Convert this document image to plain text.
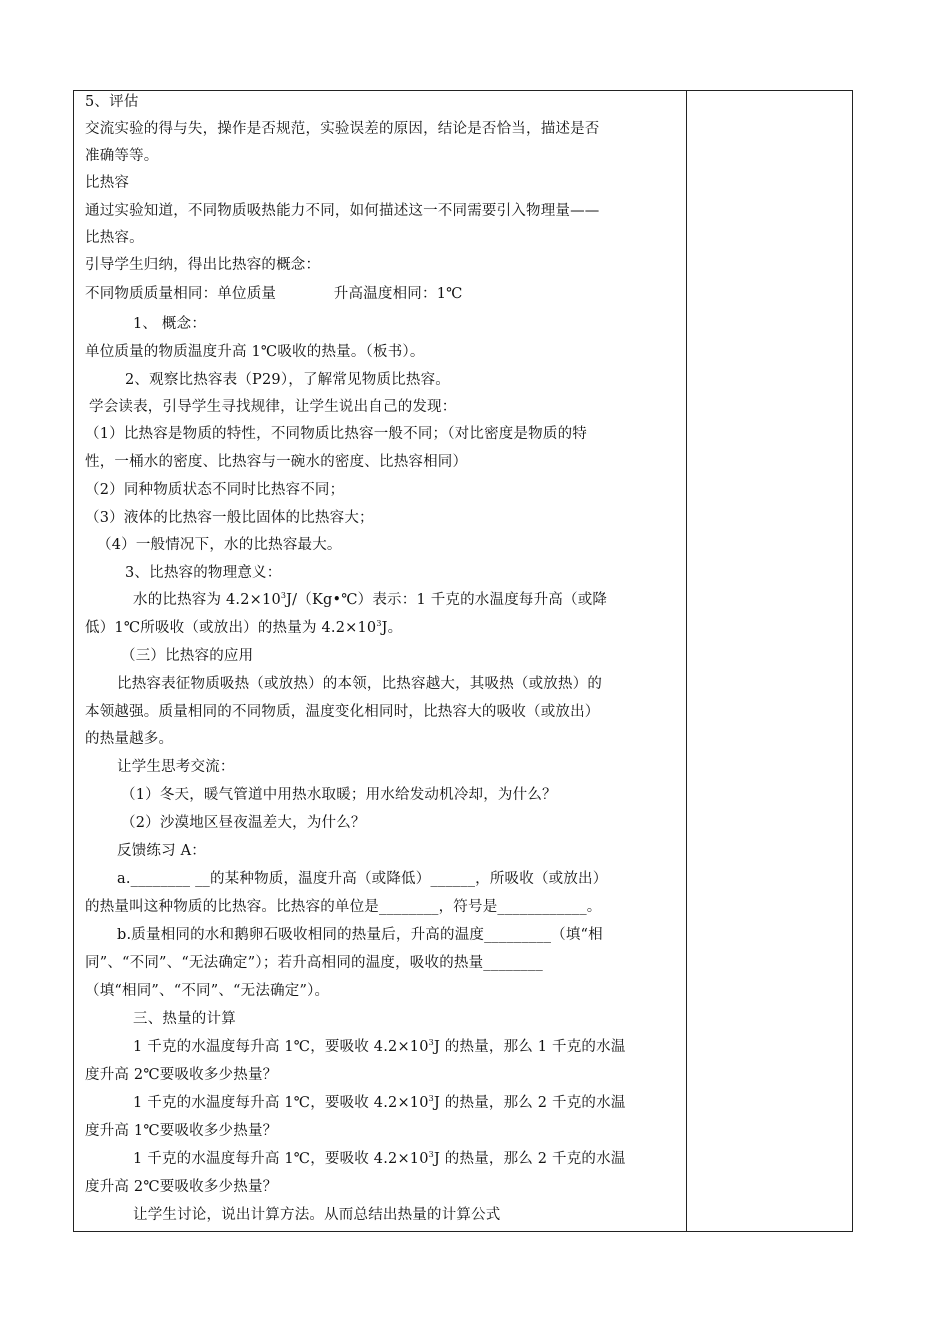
5、评估
交流实验的得与失，操作是否规范，实验误差的原因，结论是否恰当，描述是否
准确等等。
比热容
通过实验知道，不同物质吸热能力不同，如何描述这一不同需要引入物理量——
比热容。
引导学生归纳，得出比热容的概念：
不同物质质量相同：单位质量            升高温度相同：1℃
1、 概念：
单位质量的物质温度升高 1℃吸收的热量。（板书）。
2、观察比热容表（P29），了解常见物质比热容。
学会读表，引导学生寻找规律，让学生说出自己的发现：
（1）比热容是物质的特性，不同物质比热容一般不同；（对比密度是物质的特
性，一桶水的密度、比热容与一碗水的密度、比热容相同）
（2）同种物质状态不同时比热容不同；
（3）液体的比热容一般比固体的比热容大；
（4）一般情况下，水的比热容最大。
3、比热容的物理意义：
水的比热容为 $4.2\times 10^3J/(Kg•℃)$表示：1 千克的水温度每升高（或降
低）1℃所吸收（或放出）的热量为 $4.2\times 10^3J$。
（三）比热容的应用
比热容表征物质吸热（或放热）的本领，比热容越大，其吸热（或放热）的
本领越强。质量相同的不同物质，温度变化相同时，比热容大的吸收（或放出）
的热量越多。
让学生思考交流：
（1）冬天，暖气管道中用热水取暖；用水给发动机冷却，为什么？
（2）沙漠地区昼夜温差大，为什么？
反馈练习 A：
a.________ __的某种物质，温度升高（或降低）______，所吸收（或放出）
的热量叫这种物质的比热容。比热容的单位是________，符号是____________。
b.质量相同的水和鹅卵石吸收相同的热量后，升高的温度_________（填“相
同”、“不同”、“无法确定”）；若升高相同的温度，吸收的热量________
（填“相同”、“不同”、“无法确定”）。
三、热量的计算
1 千克的水温度每升高 1℃，要吸收 $4.2\times 10^3J$ 的热量，那么 1 千克的水温
度升高 2℃要吸收多少热量？
1 千克的水温度每升高 1℃，要吸收 $4.2\times 10^3J$ 的热量，那么 2 千克的水温
度升高 1℃要吸收多少热量？
1 千克的水温度每升高 1℃，要吸收 $4.2\times 10^3J$ 的热量，那么 2 千克的水温
度升高 2℃要吸收多少热量？
让学生讨论，说出计算方法。从而总结出热量的计算公式
